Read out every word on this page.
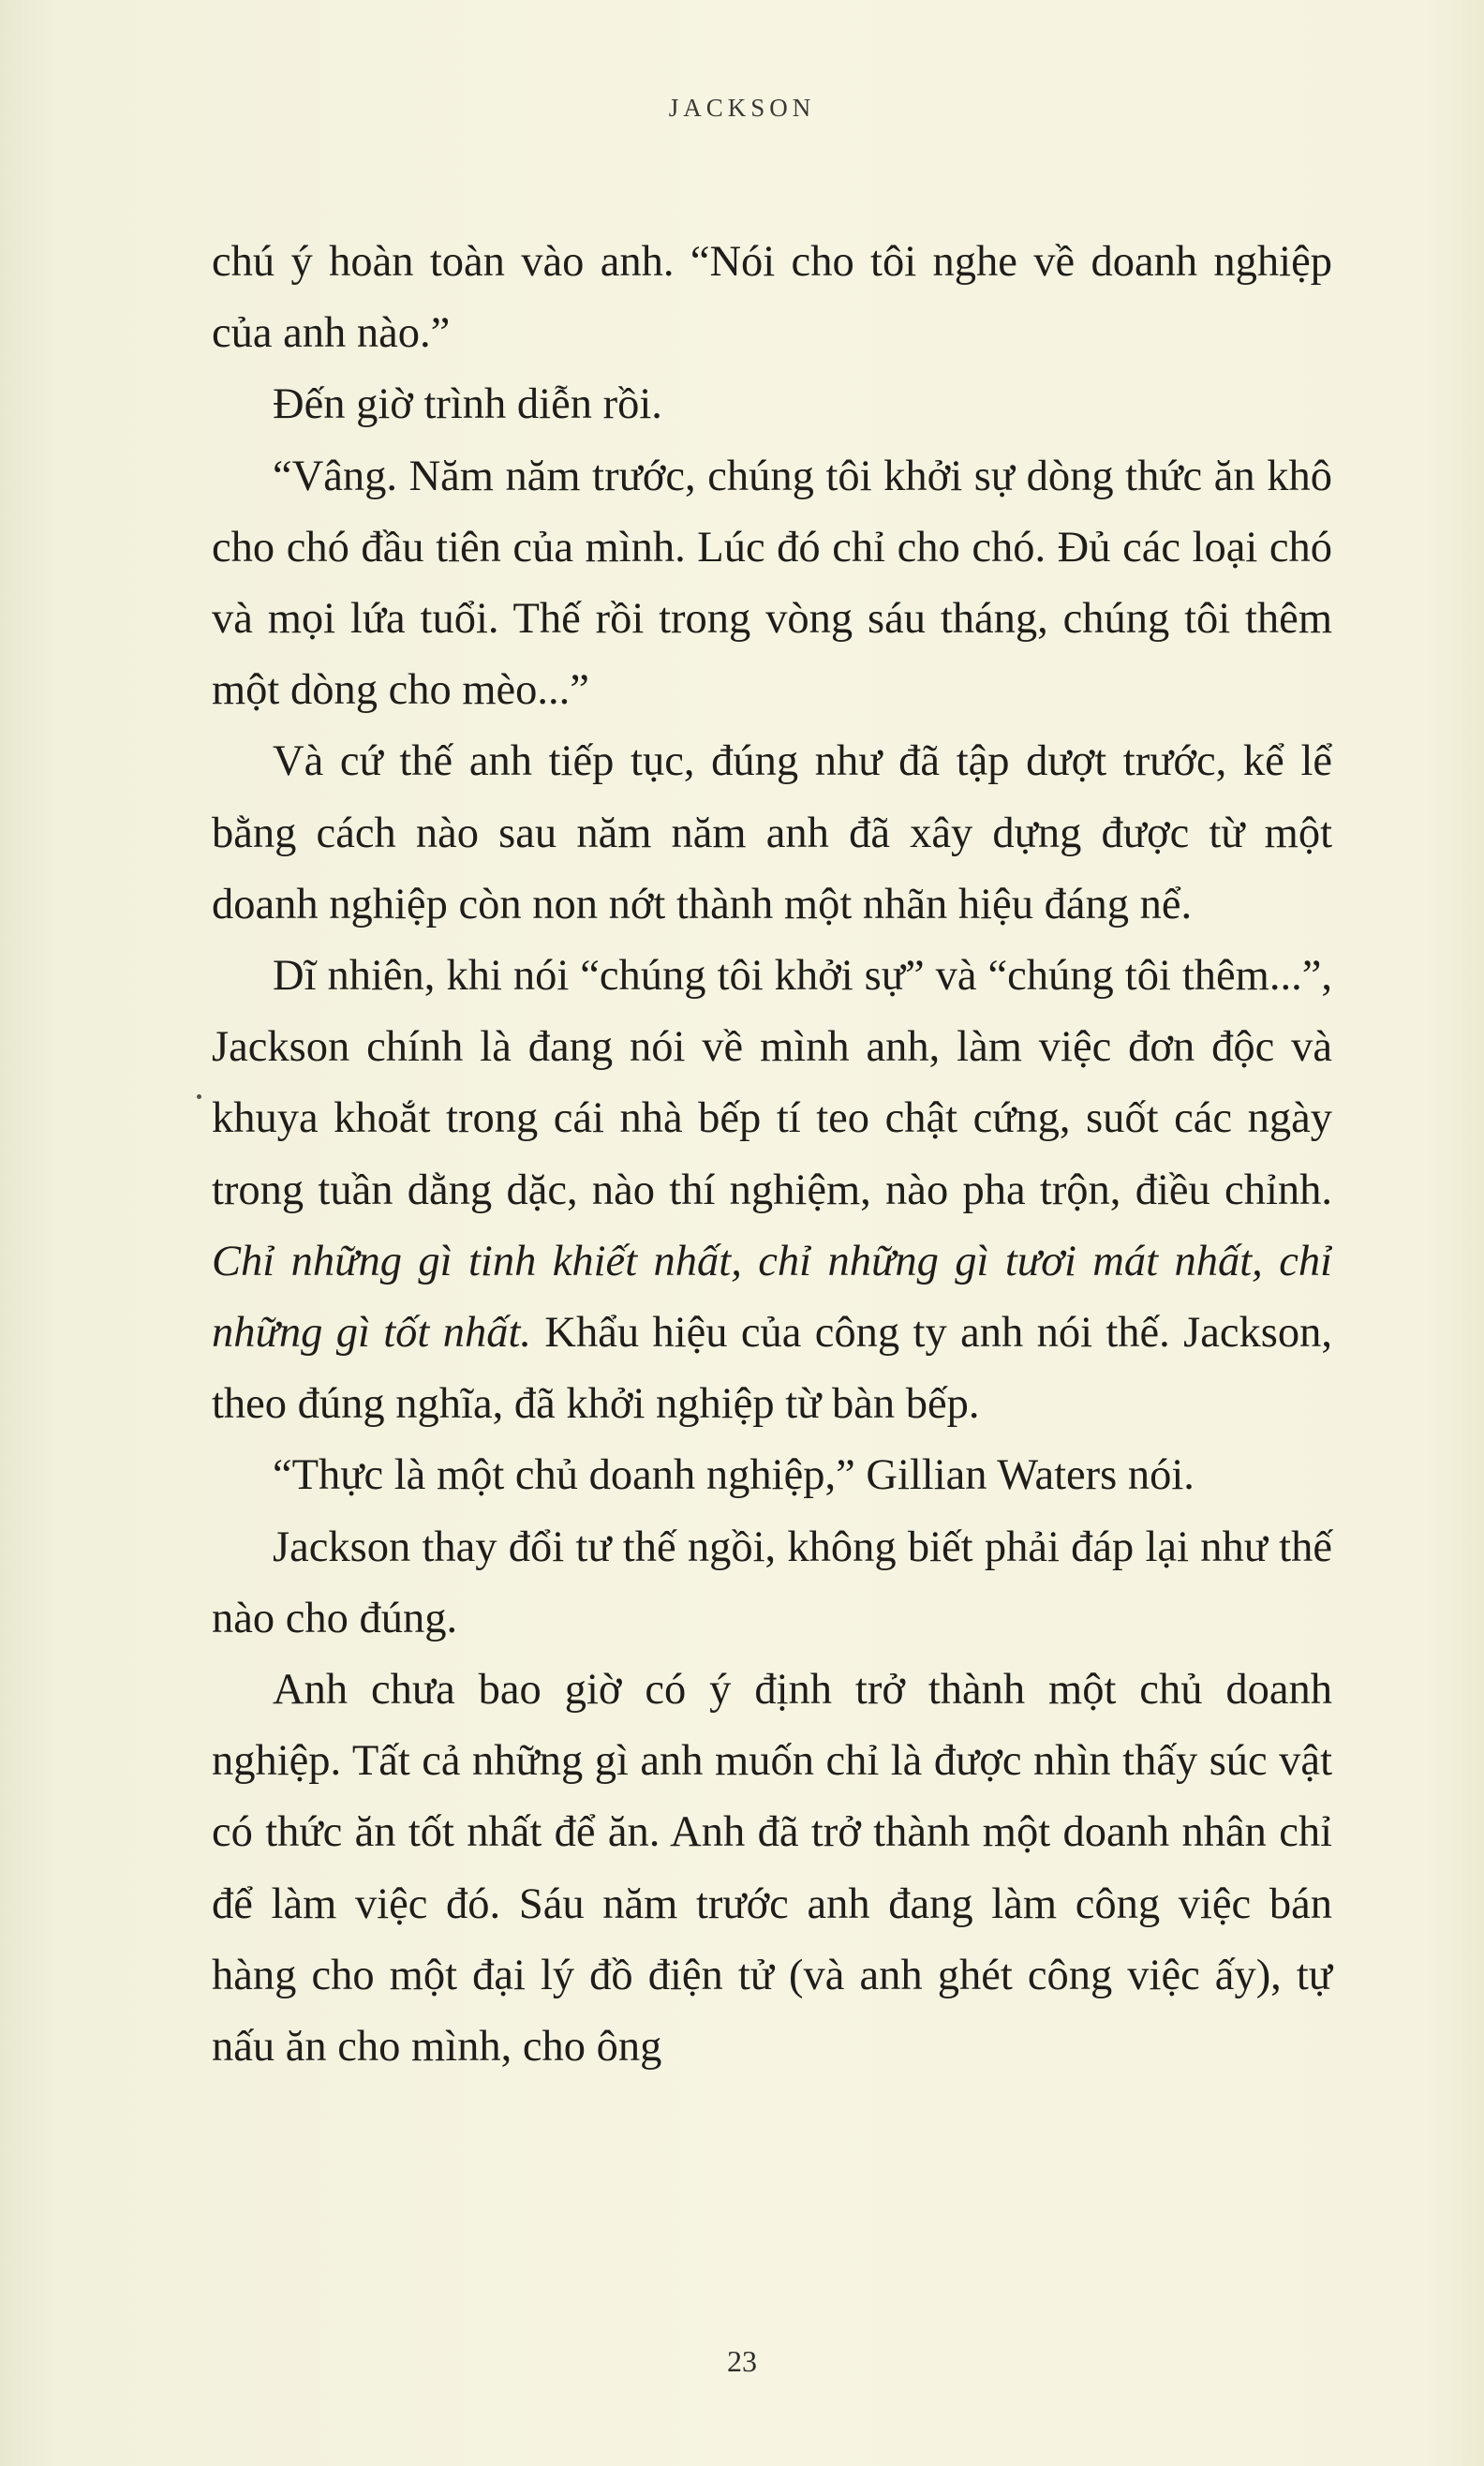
JACKSON

chú ý hoàn toàn vào anh. “Nói cho tôi nghe về doanh nghiệp của anh nào.”

Đến giờ trình diễn rồi.

“Vâng. Năm năm trước, chúng tôi khởi sự dòng thức ăn khô cho chó đầu tiên của mình. Lúc đó chỉ cho chó. Đủ các loại chó và mọi lứa tuổi. Thế rồi trong vòng sáu tháng, chúng tôi thêm một dòng cho mèo...”

Và cứ thế anh tiếp tục, đúng như đã tập dượt trước, kể lể bằng cách nào sau năm năm anh đã xây dựng được từ một doanh nghiệp còn non nớt thành một nhãn hiệu đáng nể.

Dĩ nhiên, khi nói “chúng tôi khởi sự” và “chúng tôi thêm...”, Jackson chính là đang nói về mình anh, làm việc đơn độc và khuya khoắt trong cái nhà bếp tí teo chật cứng, suốt các ngày trong tuần dằng dặc, nào thí nghiệm, nào pha trộn, điều chỉnh. Chỉ những gì tinh khiết nhất, chỉ những gì tươi mát nhất, chỉ những gì tốt nhất. Khẩu hiệu của công ty anh nói thế. Jackson, theo đúng nghĩa, đã khởi nghiệp từ bàn bếp.

“Thực là một chủ doanh nghiệp,” Gillian Waters nói.

Jackson thay đổi tư thế ngồi, không biết phải đáp lại như thế nào cho đúng.

Anh chưa bao giờ có ý định trở thành một chủ doanh nghiệp. Tất cả những gì anh muốn chỉ là được nhìn thấy súc vật có thức ăn tốt nhất để ăn. Anh đã trở thành một doanh nhân chỉ để làm việc đó. Sáu năm trước anh đang làm công việc bán hàng cho một đại lý đồ điện tử (và anh ghét công việc ấy), tự nấu ăn cho mình, cho ông

23
